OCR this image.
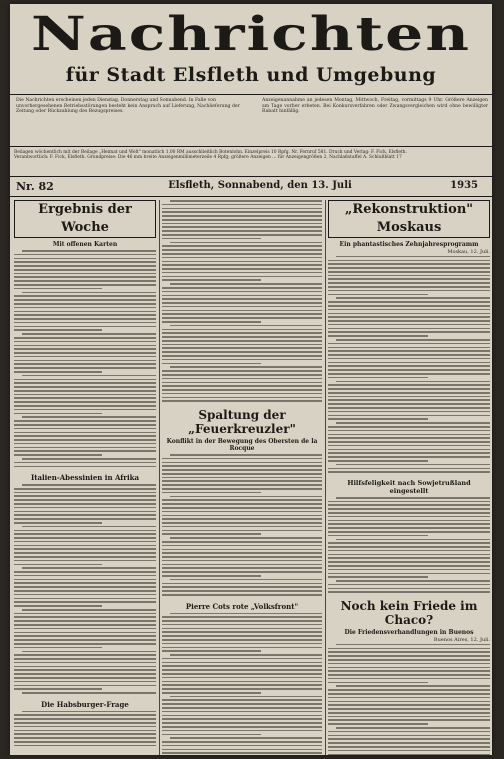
Nachrichten
für Stadt Elsfleth und Umgebung
Die Nachrichten erscheinen jeden Dienstag, Donnerstag und Sonnabend. In Falle von unvorhergesehenen Betriebsstörungen besteht kein Anspruch auf Lieferung, Nachlieferung der Zeitung oder Rückzahlung des Bezugspreises.
Anzeigenannahme an jedesen Montag, Mittwoch, Freitag, vormittags 9 Uhr. Größere Anzeigen am Tage vorher erbeten. Bei Konkursverfahren oder Zwangsvergleichen wird ohne bewilligter Rabatt hinfällig.
Beilagen wöchentlich mit der Beilage „Heimat und Welt" monatlich 1.00 RM ausschließlich Botenlohn. Einzelpreis 10 Rpfg. Nr. Fernruf 581. Druck und Verlag: F. Fick, Elsfleth.
Verantwortlich: F. Fick, Elsfleth. Grundpreise: Die 46 mm breite Anzeigenmillimeterzeile 4 Rpfg; größere Anzeigen ... für Anzeigengrößen 2, Nachlaßstaffel A. Schlußblatt 17
Nr. 82	Elsfleth, Sonnabend, den 13. Juli	1935
Ergebnis der Woche
Mit offenen Karten
Italien-Abessinien in Afrika
Die Habsburger-Frage
Spaltung der „Feuerkreuzler"
Konflikt in der Bewegung des Obersten de la Rocque
Pierre Cots rote „Volksfront"
„Rekonstruktion" Moskaus
Ein phantastisches Zehnjahresprogramm
Moskau, 12. Juli.
Hilfsfeligkeit nach Sowjetrußland eingestellt
Noch kein Friede im Chaco?
Die Friedensverhandlungen in Buenos
Buenos Aires, 12. Juli.
